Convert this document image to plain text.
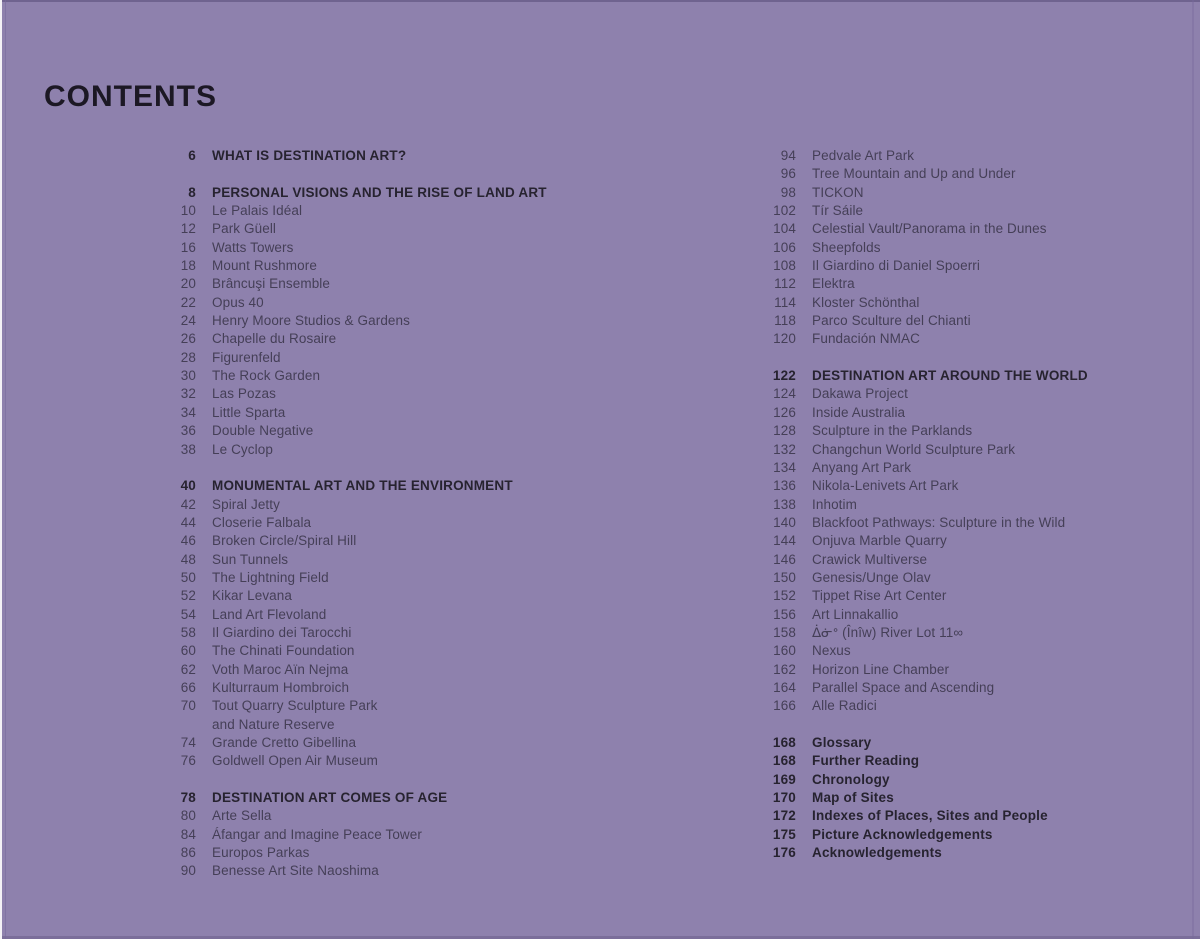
CONTENTS
6 WHAT IS DESTINATION ART?
8 PERSONAL VISIONS AND THE RISE OF LAND ART
10 Le Palais Idéal
12 Park Güell
16 Watts Towers
18 Mount Rushmore
20 Brâncuşi Ensemble
22 Opus 40
24 Henry Moore Studios & Gardens
26 Chapelle du Rosaire
28 Figurenfeld
30 The Rock Garden
32 Las Pozas
34 Little Sparta
36 Double Negative
38 Le Cyclop
40 MONUMENTAL ART AND THE ENVIRONMENT
42 Spiral Jetty
44 Closerie Falbala
46 Broken Circle/Spiral Hill
48 Sun Tunnels
50 The Lightning Field
52 Kikar Levana
54 Land Art Flevoland
58 Il Giardino dei Tarocchi
60 The Chinati Foundation
62 Voth Maroc Aïn Nejma
66 Kulturraum Hombroich
70 Tout Quarry Sculpture Park
and Nature Reserve
74 Grande Cretto Gibellina
76 Goldwell Open Air Museum
78 DESTINATION ART COMES OF AGE
80 Arte Sella
84 Áfangar and Imagine Peace Tower
86 Europos Parkas
90 Benesse Art Site Naoshima
94 Pedvale Art Park
96 Tree Mountain and Up and Under
98 TICKON
102 Tír Sáile
104 Celestial Vault/Panorama in the Dunes
106 Sheepfolds
108 Il Giardino di Daniel Spoerri
112 Elektra
114 Kloster Schönthal
118 Parco Sculture del Chianti
120 Fundación NMAC
122 DESTINATION ART AROUND THE WORLD
124 Dakawa Project
126 Inside Australia
128 Sculpture in the Parklands
132 Changchun World Sculpture Park
134 Anyang Art Park
136 Nikola-Lenivets Art Park
138 Inhotim
140 Blackfoot Pathways: Sculpture in the Wild
144 Onjuva Marble Quarry
146 Crawick Multiverse
150 Genesis/Unge Olav
152 Tippet Rise Art Center
156 Art Linnakallio
158 ᐄᓃᐤ (Înîw) River Lot 11∞
160 Nexus
162 Horizon Line Chamber
164 Parallel Space and Ascending
166 Alle Radici
168 Glossary
168 Further Reading
169 Chronology
170 Map of Sites
172 Indexes of Places, Sites and People
175 Picture Acknowledgements
176 Acknowledgements
